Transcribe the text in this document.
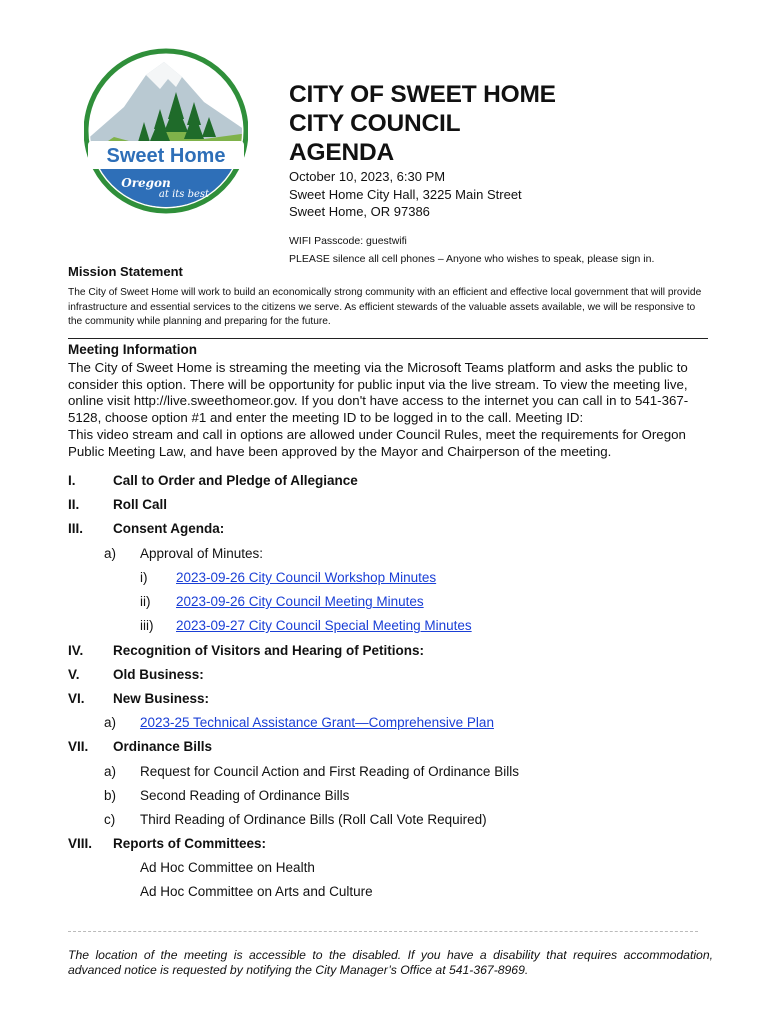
Sweet Home
Oregon
at its best
CITY OF SWEET HOME
CITY COUNCIL
AGENDA
October 10, 2023, 6:30 PM
Sweet Home City Hall, 3225 Main Street
Sweet Home, OR 97386
WIFI Passcode: guestwifi
PLEASE silence all cell phones – Anyone who wishes to speak, please sign in.
Mission Statement
The City of Sweet Home will work to build an economically strong community with an efficient and effective local government that will provide infrastructure and essential services to the citizens we serve. As efficient stewards of the valuable assets available, we will be responsive to the community while planning and preparing for the future.
Meeting Information
The City of Sweet Home is streaming the meeting via the Microsoft Teams platform and asks the public to consider this option. There will be opportunity for public input via the live stream. To view the meeting live, online visit http://live.sweethomeor.gov. If you don't have access to the internet you can call in to 541-367-5128, choose option #1 and enter the meeting ID to be logged in to the call. Meeting ID:
This video stream and call in options are allowed under Council Rules, meet the requirements for Oregon Public Meeting Law, and have been approved by the Mayor and Chairperson of the meeting.
I.	Call to Order and Pledge of Allegiance
II. Roll Call
III. Consent Agenda:
a) Approval of Minutes:
i) 2023-09-26 City Council Workshop Minutes
ii) 2023-09-26 City Council Meeting Minutes
iii) 2023-09-27 City Council Special Meeting Minutes
IV. Recognition of Visitors and Hearing of Petitions:
V. Old Business:
VI. New Business:
a) 2023-25 Technical Assistance Grant—Comprehensive Plan
VII. Ordinance Bills
a) Request for Council Action and First Reading of Ordinance Bills
b) Second Reading of Ordinance Bills
c) Third Reading of Ordinance Bills (Roll Call Vote Required)
VIII. Reports of Committees:
Ad Hoc Committee on Health
Ad Hoc Committee on Arts and Culture
The location of the meeting is accessible to the disabled. If you have a disability that requires accommodation, advanced notice is requested by notifying the City Manager’s Office at 541-367-8969.
